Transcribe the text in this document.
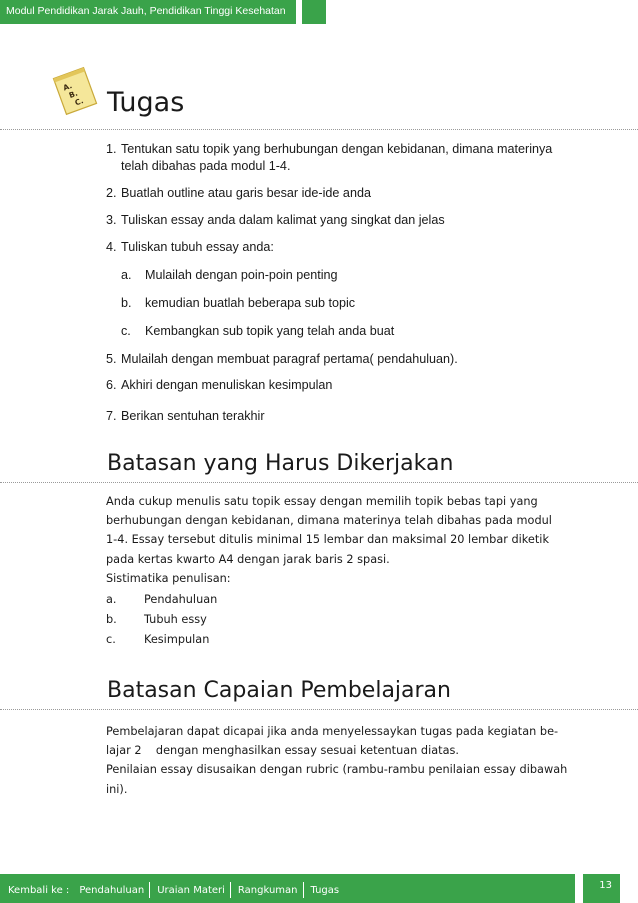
Modul Pendidikan Jarak Jauh, Pendidikan Tinggi Kesehatan
A.
B.
C. Tugas
1. Tentukan satu topik yang berhubungan dengan kebidanan, dimana materinya
telah dibahas pada modul 1-4.
2. Buatlah outline atau garis besar ide-ide anda
3. Tuliskan essay anda dalam kalimat yang singkat dan jelas
4. Tuliskan tubuh essay anda:
a. Mulailah dengan poin-poin penting
b. kemudian buatlah beberapa sub topic
c. Kembangkan sub topik yang telah anda buat
5. Mulailah dengan membuat paragraf pertama( pendahuluan).
6. Akhiri dengan menuliskan kesimpulan
7. Berikan sentuhan terakhir
Batasan yang Harus Dikerjakan
Anda cukup menulis satu topik essay dengan memilih topik bebas tapi yang
berhubungan dengan kebidanan, dimana materinya telah dibahas pada modul
1-4. Essay tersebut ditulis minimal 15 lembar dan maksimal 20 lembar diketik
pada kertas kwarto A4 dengan jarak baris 2 spasi.
Sistimatika penulisan:
a. Pendahuluan
b. Tubuh essy
c. Kesimpulan
Batasan Capaian Pembelajaran
Pembelajaran dapat dicapai jika anda menyelessaykan tugas pada kegiatan be-
lajar 2    dengan menghasilkan essay sesuai ketentuan diatas.
Penilaian essay disusaikan dengan rubric (rambu-rambu penilaian essay dibawah
ini).
Kembali ke : Pendahuluan Uraian Materi Rangkuman Tugas	13
